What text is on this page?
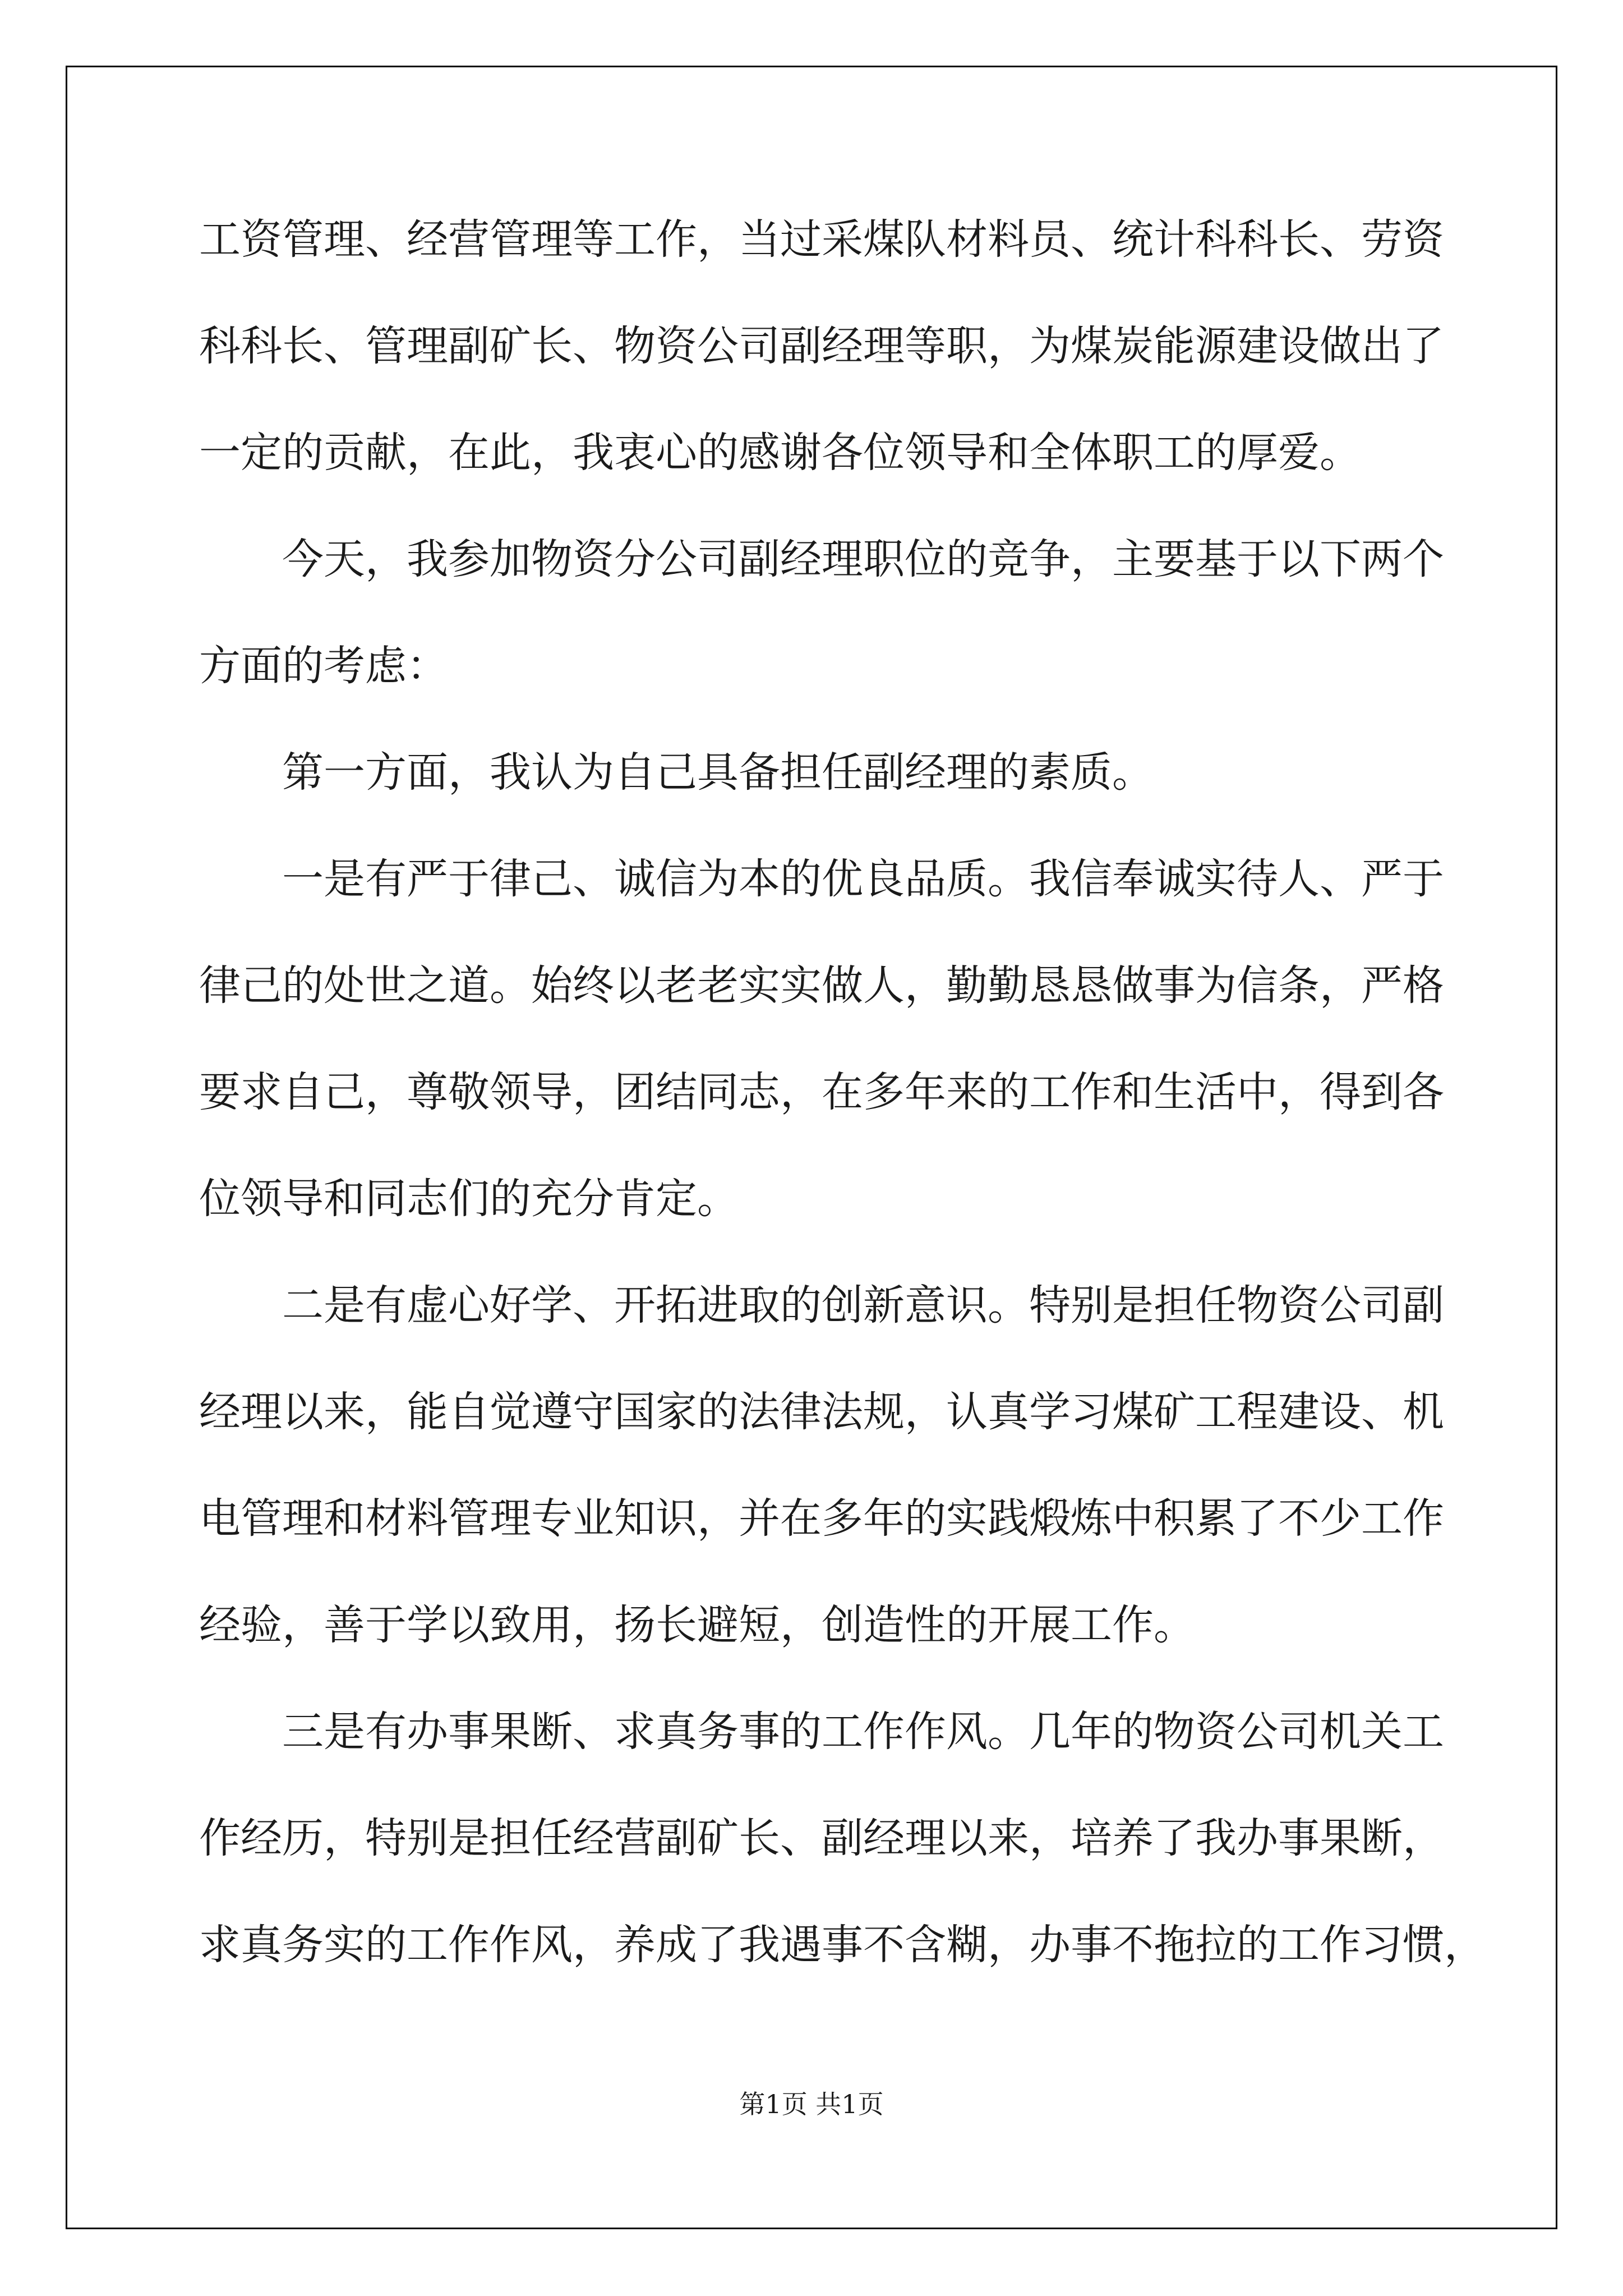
工资管理、经营管理等工作，当过采煤队材料员、统计科科长、劳资
科科长、管理副矿长、物资公司副经理等职，为煤炭能源建设做出了
一定的贡献，在此，我衷心的感谢各位领导和全体职工的厚爱。
今天，我参加物资分公司副经理职位的竞争，主要基于以下两个
方面的考虑：
第一方面，我认为自己具备担任副经理的素质。
一是有严于律己、诚信为本的优良品质。我信奉诚实待人、严于
律己的处世之道。始终以老老实实做人，勤勤恳恳做事为信条，严格
要求自己，尊敬领导，团结同志，在多年来的工作和生活中，得到各
位领导和同志们的充分肯定。
二是有虚心好学、开拓进取的创新意识。特别是担任物资公司副
经理以来，能自觉遵守国家的法律法规，认真学习煤矿工程建设、机
电管理和材料管理专业知识，并在多年的实践煅炼中积累了不少工作
经验，善于学以致用，扬长避短，创造性的开展工作。
三是有办事果断、求真务事的工作作风。几年的物资公司机关工
作经历，特别是担任经营副矿长、副经理以来，培养了我办事果断，
求真务实的工作作风，养成了我遇事不含糊，办事不拖拉的工作习惯，
第1页 共1页
